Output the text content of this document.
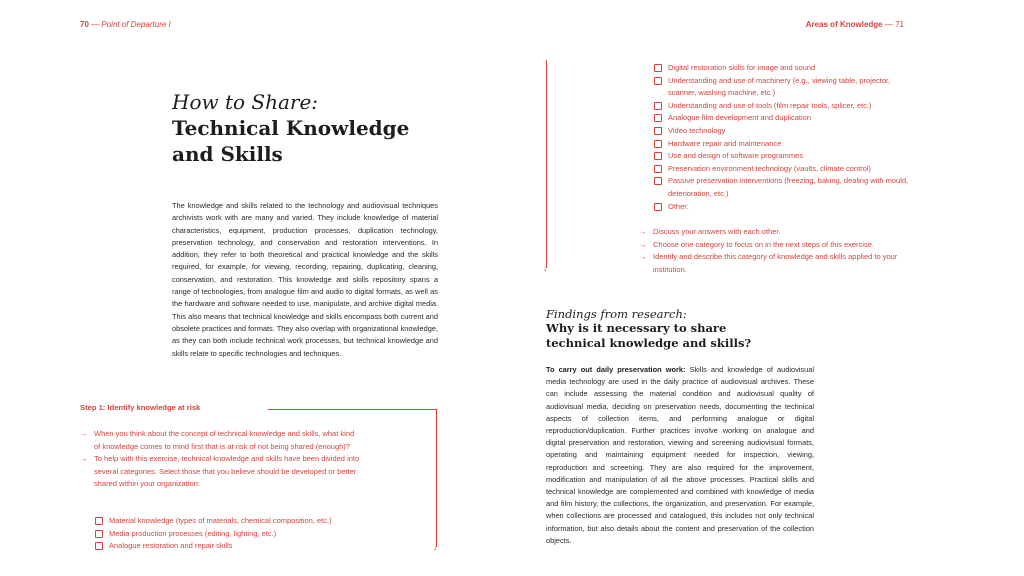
70 — Point of Departure I
How to Share:
Technical Knowledge
and Skills

The knowledge and skills related to the technology and audiovisual techniques archivists work with are many and varied. They include knowledge of material characteristics, equipment, production processes, duplication technology, preservation technology, and conservation and restoration interventions. In addition, they refer to both theoretical and practical knowledge and the skills required, for example, for viewing, recording, repairing, duplicating, cleaning, conservation, and restoration. This knowledge and skills repository spans a range of technologies, from analogue film and audio to digital formats, as well as the hardware and software needed to use, manipulate, and archive digital media. This also means that technical knowledge and skills encompass both current and obsolete practices and formats. They also overlap with organizational knowledge, as they can both include technical work processes, but technical knowledge and skills relate to specific technologies and techniques.

Step 1: Identify knowledge at risk
↓
→ When you think about the concept of technical knowledge and skills, what kind of knowledge comes to mind first that is at risk of not being shared (enough)?
→ To help with this exercise, technical knowledge and skills have been divided into several categories. Select those that you believe should be developed or better shared within your organization:
Material knowledge (types of materials, chemical composition, etc.)
Media production processes (editing, lighting, etc.)
Analogue restoration and repair skills
Areas of Knowledge — 71
↓
Digital restoration skills for image and sound
Understanding and use of machinery (e.g., viewing table, projector, scanner, washing machine, etc.)
Understanding and use of tools (film repair tools, splicer, etc.)
Analogue film development and duplication
Video technology
Hardware repair and maintenance
Use and design of software programmes
Preservation environment technology (vaults, climate control)
Passive preservation interventions (freezing, baking, dealing with mould, deterioration, etc.)
Other:
→ Discuss your answers with each other.
→ Choose one category to focus on in the next steps of this exercise.
→ Identify and describe this category of knowledge and skills applied to your institution.
Findings from research:
Why is it necessary to share
technical knowledge and skills?

To carry out daily preservation work: Skills and knowledge of audiovisual media technology are used in the daily practice of audiovisual archives. These can include assessing the material condition and audiovisual quality of audiovisual media, deciding on preservation needs, documenting the technical aspects of collection items, and performing analogue or digital reproduction/duplication. Further practices involve working on analogue and digital preservation and restoration, viewing and screening audiovisual formats, operating and maintaining equipment needed for inspection, viewing, reproduction and screening. They are also required for the improvement, modification and manipulation of all the above processes. Practical skills and technical knowledge are complemented and combined with knowledge of media and film history, the collections, the organization, and preservation. For example, when collections are processed and catalogued, this includes not only technical information, but also details about the content and preservation of the collection objects.
